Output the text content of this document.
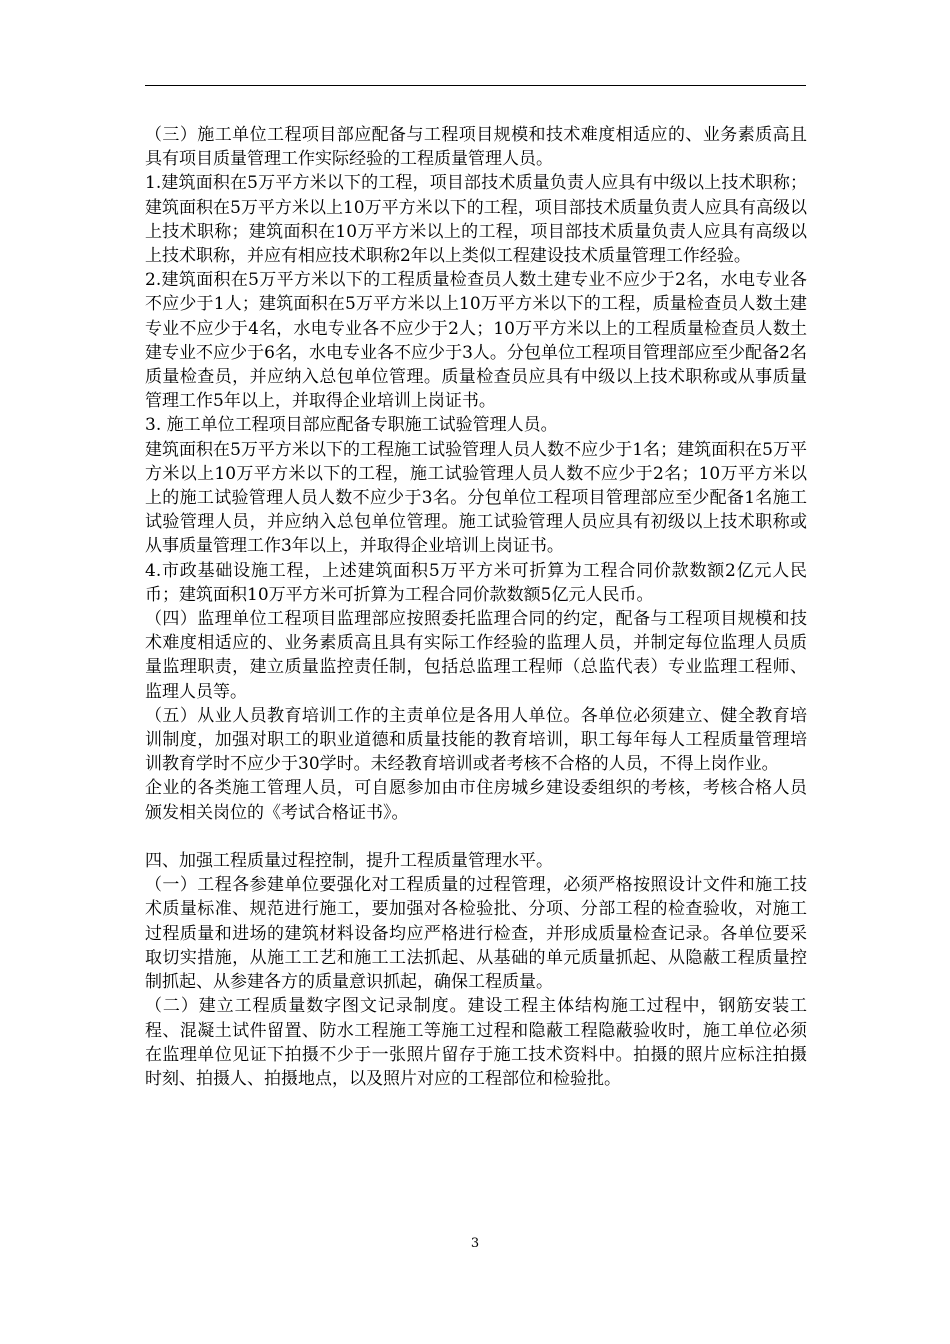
（三）施工单位工程项目部应配备与工程项目规模和技术难度相适应的、业务素质高且具有项目质量管理工作实际经验的工程质量管理人员。

1.建筑面积在5万平方米以下的工程，项目部技术质量负责人应具有中级以上技术职称；建筑面积在5万平方米以上10万平方米以下的工程，项目部技术质量负责人应具有高级以上技术职称；建筑面积在10万平方米以上的工程，项目部技术质量负责人应具有高级以上技术职称，并应有相应技术职称2年以上类似工程建设技术质量管理工作经验。

2.建筑面积在5万平方米以下的工程质量检查员人数土建专业不应少于2名，水电专业各不应少于1人；建筑面积在5万平方米以上10万平方米以下的工程，质量检查员人数土建专业不应少于4名，水电专业各不应少于2人；10万平方米以上的工程质量检查员人数土建专业不应少于6名，水电专业各不应少于3人。分包单位工程项目管理部应至少配备2名质量检查员，并应纳入总包单位管理。质量检查员应具有中级以上技术职称或从事质量管理工作5年以上，并取得企业培训上岗证书。

3. 施工单位工程项目部应配备专职施工试验管理人员。

建筑面积在5万平方米以下的工程施工试验管理人员人数不应少于1名；建筑面积在5万平方米以上10万平方米以下的工程，施工试验管理人员人数不应少于2名；10万平方米以上的施工试验管理人员人数不应少于3名。分包单位工程项目管理部应至少配备1名施工试验管理人员，并应纳入总包单位管理。施工试验管理人员应具有初级以上技术职称或从事质量管理工作3年以上，并取得企业培训上岗证书。

4.市政基础设施工程，上述建筑面积5万平方米可折算为工程合同价款数额2亿元人民币；建筑面积10万平方米可折算为工程合同价款数额5亿元人民币。

（四）监理单位工程项目监理部应按照委托监理合同的约定，配备与工程项目规模和技术难度相适应的、业务素质高且具有实际工作经验的监理人员，并制定每位监理人员质量监理职责，建立质量监控责任制，包括总监理工程师（总监代表）专业监理工程师、监理人员等。

（五）从业人员教育培训工作的主责单位是各用人单位。各单位必须建立、健全教育培训制度，加强对职工的职业道德和质量技能的教育培训，职工每年每人工程质量管理培训教育学时不应少于30学时。未经教育培训或者考核不合格的人员，不得上岗作业。

企业的各类施工管理人员，可自愿参加由市住房城乡建设委组织的考核，考核合格人员颁发相关岗位的《考试合格证书》。

四、加强工程质量过程控制，提升工程质量管理水平。

（一）工程各参建单位要强化对工程质量的过程管理，必须严格按照设计文件和施工技术质量标准、规范进行施工，要加强对各检验批、分项、分部工程的检查验收，对施工过程质量和进场的建筑材料设备均应严格进行检查，并形成质量检查记录。各单位要采取切实措施，从施工工艺和施工工法抓起、从基础的单元质量抓起、从隐蔽工程质量控制抓起、从参建各方的质量意识抓起，确保工程质量。

（二）建立工程质量数字图文记录制度。建设工程主体结构施工过程中，钢筋安装工程、混凝土试件留置、防水工程施工等施工过程和隐蔽工程隐蔽验收时，施工单位必须在监理单位见证下拍摄不少于一张照片留存于施工技术资料中。拍摄的照片应标注拍摄时刻、拍摄人、拍摄地点，以及照片对应的工程部位和检验批。

3
